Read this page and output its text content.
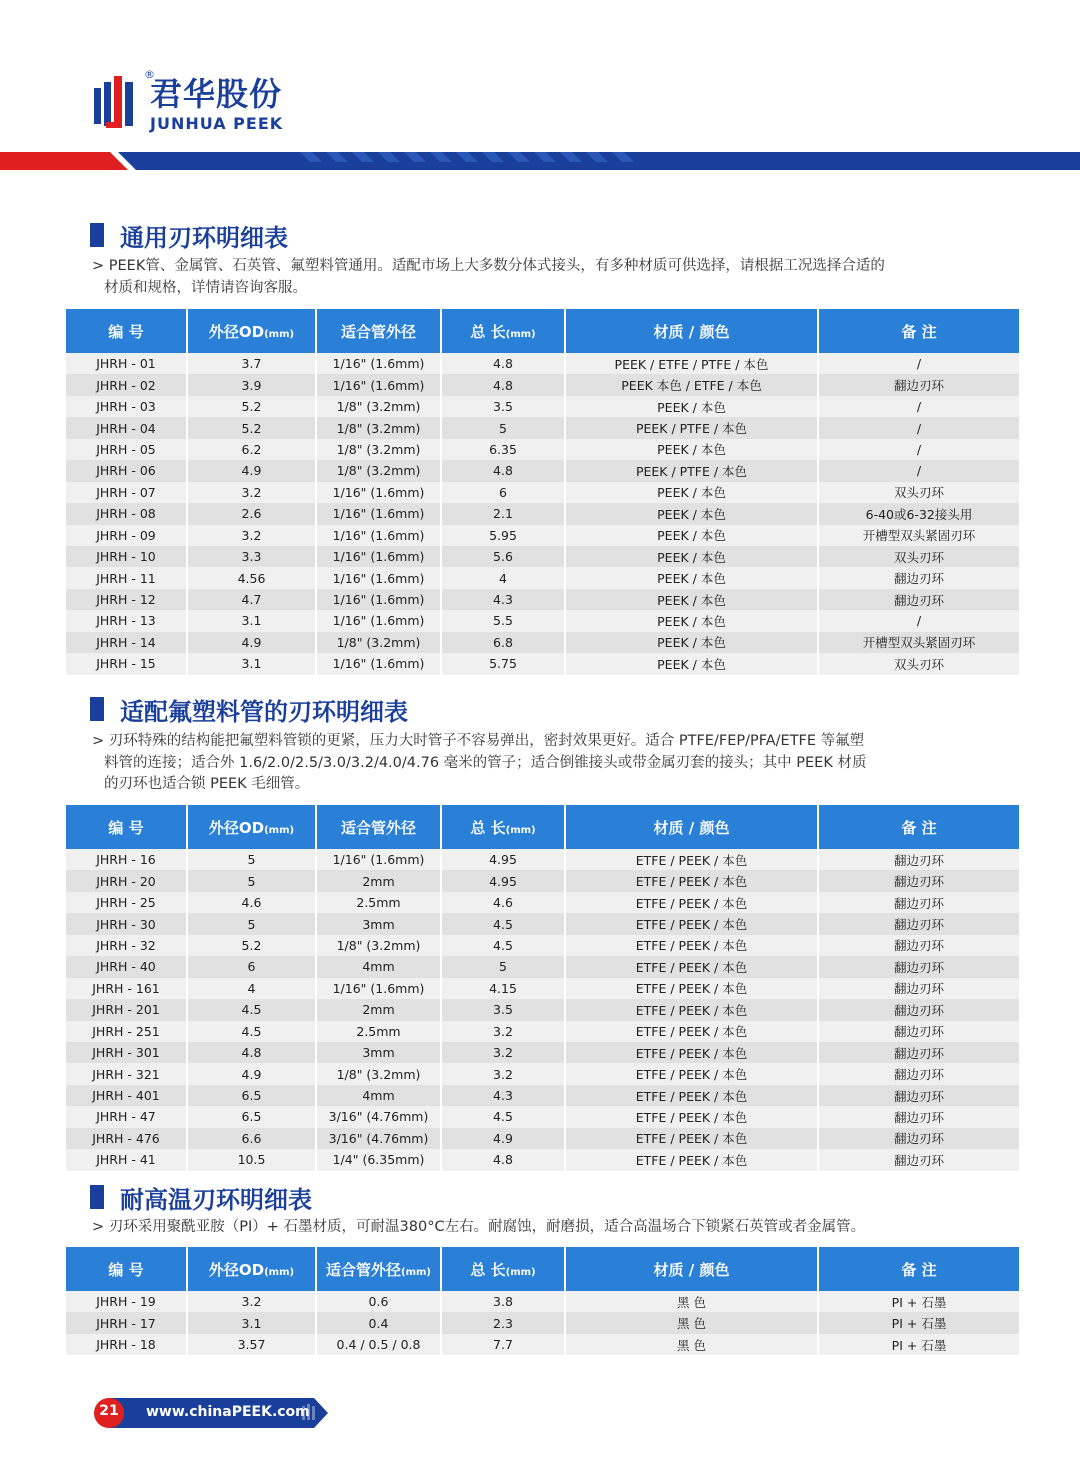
®
君华股份
JUNHUA PEEK
通用刃环明细表
> PEEK管、金属管、石英管、氟塑料管通用。适配市场上大多数分体式接头，有多种材质可供选择，请根据工况选择合适的
材质和规格，详情请咨询客服。
编 号	外径OD(mm)	适合管外径	总 长(mm)	材质 / 颜色	备 注
JHRH - 01	3.7	1/16" (1.6mm)	4.8	PEEK / ETFE / PTFE / 本色	/
JHRH - 02	3.9	1/16" (1.6mm)	4.8	PEEK 本色 / ETFE / 本色	翻边刃环
JHRH - 03	5.2	1/8" (3.2mm)	3.5	PEEK / 本色	/
JHRH - 04	5.2	1/8" (3.2mm)	5	PEEK / PTFE / 本色	/
JHRH - 05	6.2	1/8" (3.2mm)	6.35	PEEK / 本色	/
JHRH - 06	4.9	1/8" (3.2mm)	4.8	PEEK / PTFE / 本色	/
JHRH - 07	3.2	1/16" (1.6mm)	6	PEEK / 本色	双头刃环
JHRH - 08	2.6	1/16" (1.6mm)	2.1	PEEK / 本色	6-40或6-32接头用
JHRH - 09	3.2	1/16" (1.6mm)	5.95	PEEK / 本色	开槽型双头紧固刃环
JHRH - 10	3.3	1/16" (1.6mm)	5.6	PEEK / 本色	双头刃环
JHRH - 11	4.56	1/16" (1.6mm)	4	PEEK / 本色	翻边刃环
JHRH - 12	4.7	1/16" (1.6mm)	4.3	PEEK / 本色	翻边刃环
JHRH - 13	3.1	1/16" (1.6mm)	5.5	PEEK / 本色	/
JHRH - 14	4.9	1/8" (3.2mm)	6.8	PEEK / 本色	开槽型双头紧固刃环
JHRH - 15	3.1	1/16" (1.6mm)	5.75	PEEK / 本色	双头刃环
适配氟塑料管的刃环明细表
> 刃环特殊的结构能把氟塑料管锁的更紧，压力大时管子不容易弹出，密封效果更好。适合 PTFE/FEP/PFA/ETFE 等氟塑
料管的连接；适合外 1.6/2.0/2.5/3.0/3.2/4.0/4.76 毫米的管子；适合倒锥接头或带金属刃套的接头；其中 PEEK 材质
的刃环也适合锁 PEEK 毛细管。
编 号	外径OD(mm)	适合管外径	总 长(mm)	材质 / 颜色	备 注
JHRH - 16	5	1/16" (1.6mm)	4.95	ETFE / PEEK / 本色	翻边刃环
JHRH - 20	5	2mm	4.95	ETFE / PEEK / 本色	翻边刃环
JHRH - 25	4.6	2.5mm	4.6	ETFE / PEEK / 本色	翻边刃环
JHRH - 30	5	3mm	4.5	ETFE / PEEK / 本色	翻边刃环
JHRH - 32	5.2	1/8" (3.2mm)	4.5	ETFE / PEEK / 本色	翻边刃环
JHRH - 40	6	4mm	5	ETFE / PEEK / 本色	翻边刃环
JHRH - 161	4	1/16" (1.6mm)	4.15	ETFE / PEEK / 本色	翻边刃环
JHRH - 201	4.5	2mm	3.5	ETFE / PEEK / 本色	翻边刃环
JHRH - 251	4.5	2.5mm	3.2	ETFE / PEEK / 本色	翻边刃环
JHRH - 301	4.8	3mm	3.2	ETFE / PEEK / 本色	翻边刃环
JHRH - 321	4.9	1/8" (3.2mm)	3.2	ETFE / PEEK / 本色	翻边刃环
JHRH - 401	6.5	4mm	4.3	ETFE / PEEK / 本色	翻边刃环
JHRH - 47	6.5	3/16" (4.76mm)	4.5	ETFE / PEEK / 本色	翻边刃环
JHRH - 476	6.6	3/16" (4.76mm)	4.9	ETFE / PEEK / 本色	翻边刃环
JHRH - 41	10.5	1/4" (6.35mm)	4.8	ETFE / PEEK / 本色	翻边刃环
耐高温刃环明细表
> 刃环采用聚酰亚胺（PI）+ 石墨材质，可耐温380°C左右。耐腐蚀，耐磨损，适合高温场合下锁紧石英管或者金属管。
编 号	外径OD(mm)	适合管外径(mm)	总 长(mm)	材质 / 颜色	备 注
JHRH - 19	3.2	0.6	3.8	黑 色	PI + 石墨
JHRH - 17	3.1	0.4	2.3	黑 色	PI + 石墨
JHRH - 18	3.57	0.4 / 0.5 / 0.8	7.7	黑 色	PI + 石墨
21 www.chinaPEEK.com
